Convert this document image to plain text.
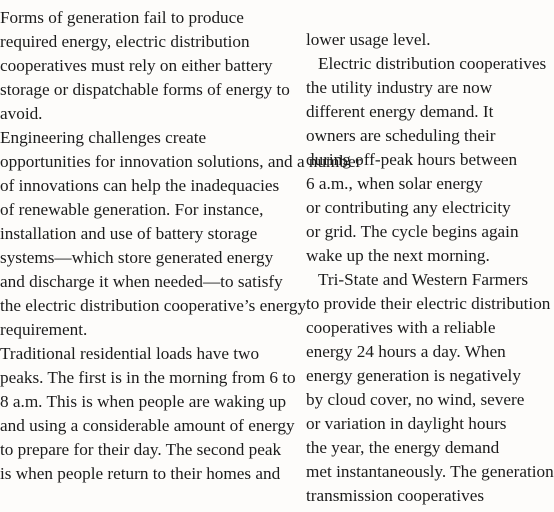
Forms of generation fail to produce
required energy, electric distribution
cooperatives must rely on either battery
storage or dispatchable forms of energy to
avoid.
Engineering challenges create
opportunities for innovation solutions, and a number
of innovations can help the inadequacies
of renewable generation. For instance,
installation and use of battery storage
systems—which store generated energy
and discharge it when needed—to satisfy
the electric distribution cooperative’s energy
requirement.
Traditional residential loads have two
peaks. The first is in the morning from 6 to
8 a.m. This is when people are waking up
and using a considerable amount of energy
to prepare for their day. The second peak
is when people return to their homes and
lower usage level.
Electric distribution cooperatives
the utility industry are now
different energy demand. It
owners are scheduling their
during off-peak hours between
6 a.m., when solar energy
or contributing any electricity
or grid. The cycle begins again
wake up the next morning.
Tri-State and Western Farmers
to provide their electric distribution
cooperatives with a reliable
energy 24 hours a day. When
energy generation is negatively
by cloud cover, no wind, severe
or variation in daylight hours
the year, the energy demand
met instantaneously. The generation
transmission cooperatives
